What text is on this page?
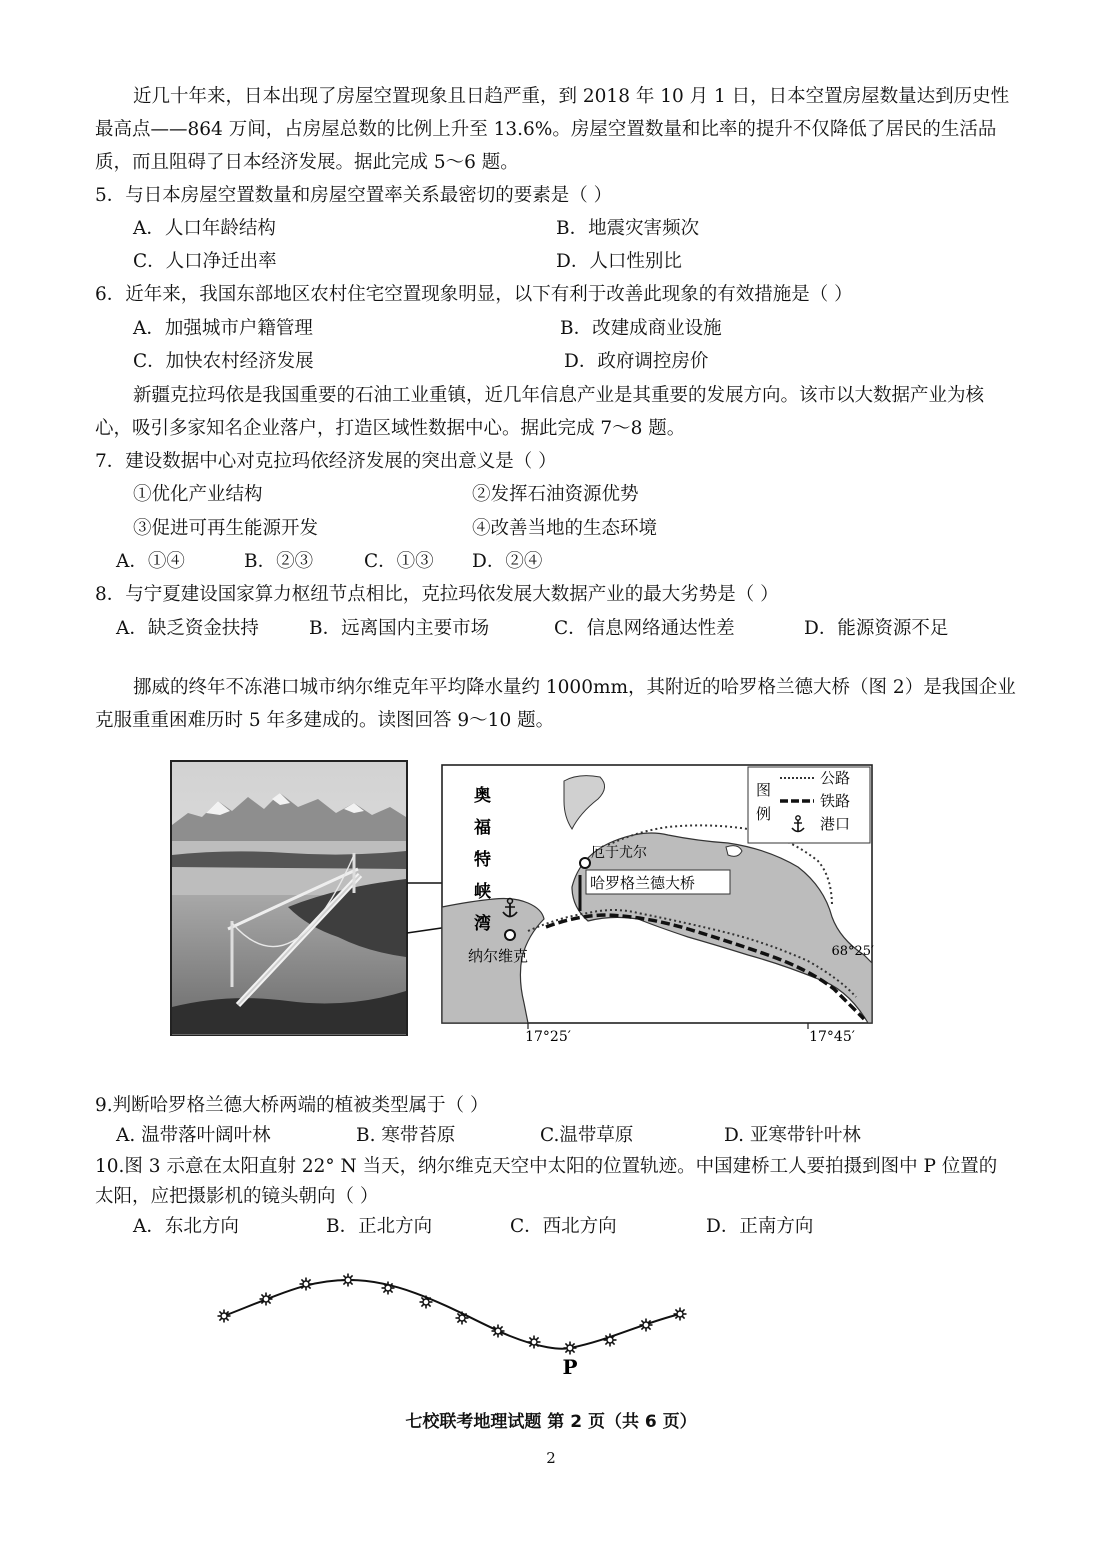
近几十年来，日本出现了房屋空置现象且日趋严重，到 2018 年 10 月 1 日，日本空置房屋数量达到历史性
最高点——864 万间，占房屋总数的比例上升至 13.6%。房屋空置数量和比率的提升不仅降低了居民的生活品
质，而且阻碍了日本经济发展。据此完成 5～6 题。
5．与日本房屋空置数量和房屋空置率关系最密切的要素是（ ）
A．人口年龄结构	B．地震灾害频次
C．人口净迁出率	D．人口性别比
6．近年来，我国东部地区农村住宅空置现象明显，以下有利于改善此现象的有效措施是（ ）
A．加强城市户籍管理	B．改建成商业设施
C．加快农村经济发展	D．政府调控房价
新疆克拉玛依是我国重要的石油工业重镇，近几年信息产业是其重要的发展方向。该市以大数据产业为核
心，吸引多家知名企业落户，打造区域性数据中心。据此完成 7～8 题。
7．建设数据中心对克拉玛依经济发展的突出意义是（ ）
①优化产业结构	②发挥石油资源优势
③促进可再生能源开发	④改善当地的生态环境
A．①④	B．②③	C．①③ D．②④
8．与宁夏建设国家算力枢纽节点相比，克拉玛依发展大数据产业的最大劣势是（ ）
A．缺乏资金扶持	B．远离国内主要市场	C．信息网络通达性差	D．能源资源不足
挪威的终年不冻港口城市纳尔维克年平均降水量约 1000mm，其附近的哈罗格兰德大桥（图 2）是我国企业
克服重重困难历时 5 年多建成的。读图回答 9～10 题。
奥
福
特
峡
湾
图
例
公路
铁路
港口
厄于尤尔
哈罗格兰德大桥
纳尔维克	68°25′
17°25′	17°45′
9.判断哈罗格兰德大桥两端的植被类型属于（ ）
A. 温带落叶阔叶林	B. 寒带苔原	C.温带草原	D. 亚寒带针叶林
10.图 3 示意在太阳直射 22° N 当天，纳尔维克天空中太阳的位置轨迹。中国建桥工人要拍摄到图中 P 位置的
太阳，应把摄影机的镜头朝向（ ）
A．东北方向	B．正北方向	C．西北方向	D．正南方向
P
七校联考地理试题 第 2 页（共 6 页）
2
